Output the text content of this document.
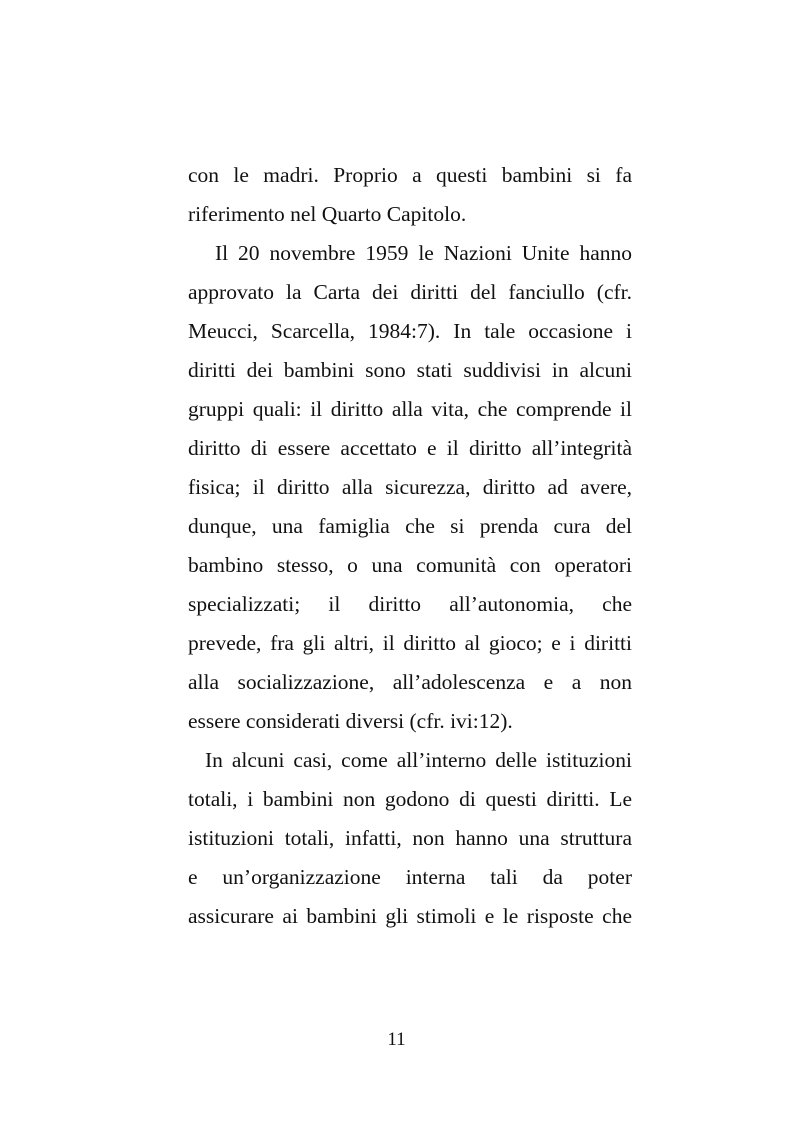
con le madri. Proprio a questi bambini si fa
riferimento nel Quarto Capitolo.
Il 20 novembre 1959 le Nazioni Unite hanno
approvato la Carta dei diritti del fanciullo (cfr.
Meucci, Scarcella, 1984:7). In tale occasione i
diritti dei bambini sono stati suddivisi in alcuni
gruppi quali: il diritto alla vita, che comprende il
diritto di essere accettato e il diritto all’integrità
fisica; il diritto alla sicurezza, diritto ad avere,
dunque, una famiglia che si prenda cura del
bambino stesso, o una comunità con operatori
specializzati; il diritto all’autonomia, che
prevede, fra gli altri, il diritto al gioco; e i diritti
alla socializzazione, all’adolescenza e a non
essere considerati diversi (cfr. ivi:12).
In alcuni casi, come all’interno delle istituzioni
totali, i bambini non godono di questi diritti. Le
istituzioni totali, infatti, non hanno una struttura
e un’organizzazione interna tali da poter
assicurare ai bambini gli stimoli e le risposte che
11
